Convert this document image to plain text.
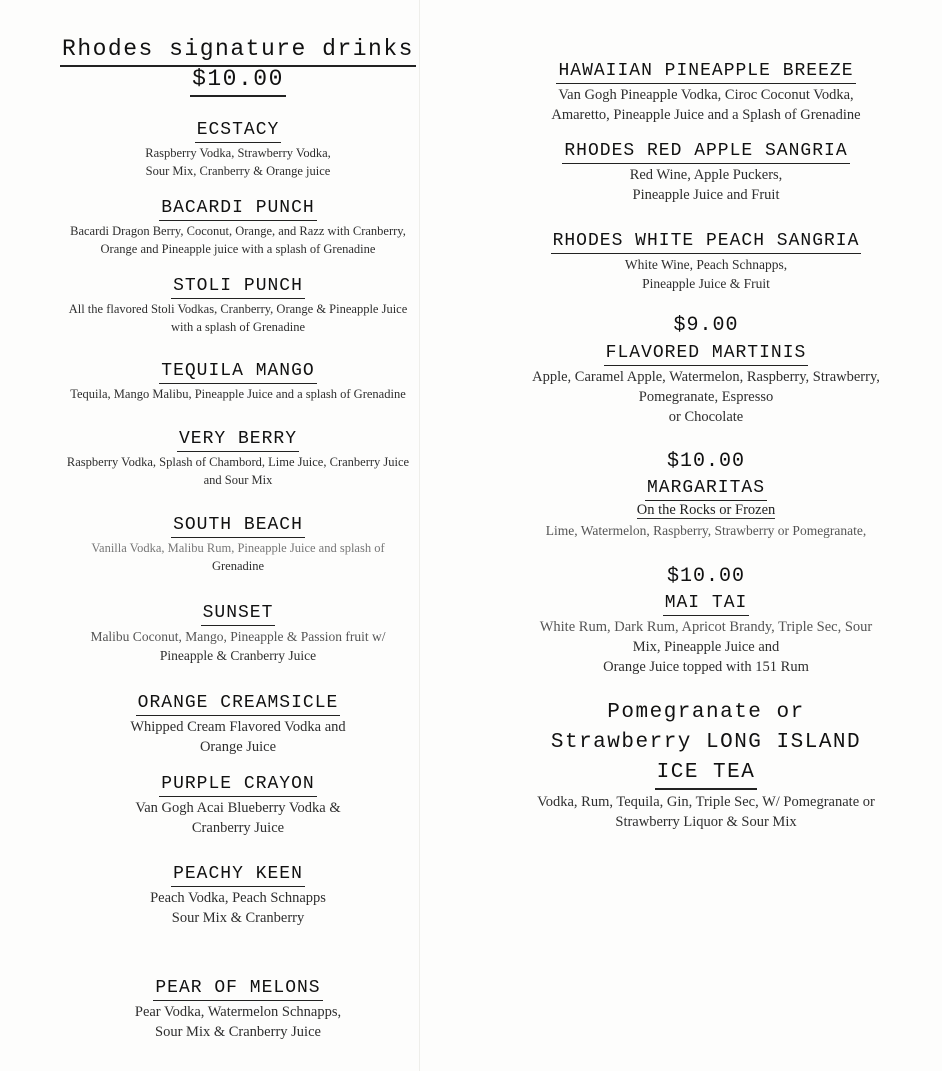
Rhodes signature drinks
$10.00
ECSTACY
Raspberry Vodka, Strawberry Vodka,
Sour Mix, Cranberry & Orange juice
BACARDI PUNCH
Bacardi Dragon Berry, Coconut, Orange, and Razz with Cranberry,
Orange and Pineapple juice with a splash of Grenadine
STOLI PUNCH
All the flavored Stoli Vodkas, Cranberry, Orange & Pineapple Juice
with a splash of Grenadine
TEQUILA MANGO
Tequila, Mango Malibu, Pineapple Juice and a splash of Grenadine
VERY BERRY
Raspberry Vodka, Splash of Chambord, Lime Juice, Cranberry Juice
and Sour Mix
SOUTH BEACH
Vanilla Vodka, Malibu Rum, Pineapple Juice and splash of
Grenadine
SUNSET
Malibu Coconut, Mango, Pineapple & Passion fruit w/
Pineapple & Cranberry Juice
ORANGE CREAMSICLE
Whipped Cream Flavored Vodka and
Orange Juice
PURPLE CRAYON
Van Gogh Acai Blueberry Vodka &
Cranberry Juice
PEACHY KEEN
Peach Vodka, Peach Schnapps
Sour Mix & Cranberry
PEAR OF MELONS
Pear Vodka, Watermelon Schnapps,
Sour Mix & Cranberry Juice
HAWAIIAN PINEAPPLE BREEZE
Van Gogh Pineapple Vodka, Ciroc Coconut Vodka,
Amaretto, Pineapple Juice and a Splash of Grenadine
RHODES RED APPLE SANGRIA
Red Wine, Apple Puckers,
Pineapple Juice and Fruit
RHODES WHITE PEACH SANGRIA
White Wine, Peach Schnapps,
Pineapple Juice & Fruit
$9.00
FLAVORED MARTINIS
Apple, Caramel Apple, Watermelon, Raspberry, Strawberry,
Pomegranate, Espresso
or Chocolate
$10.00
MARGARITAS
On the Rocks or Frozen
Lime, Watermelon, Raspberry, Strawberry or Pomegranate,
$10.00
MAI TAI
White Rum, Dark Rum, Apricot Brandy, Triple Sec, Sour
Mix, Pineapple Juice and
Orange Juice topped with 151 Rum
Pomegranate or
Strawberry LONG ISLAND
ICE TEA
Vodka, Rum, Tequila, Gin, Triple Sec, W/ Pomegranate or
Strawberry Liquor & Sour Mix
